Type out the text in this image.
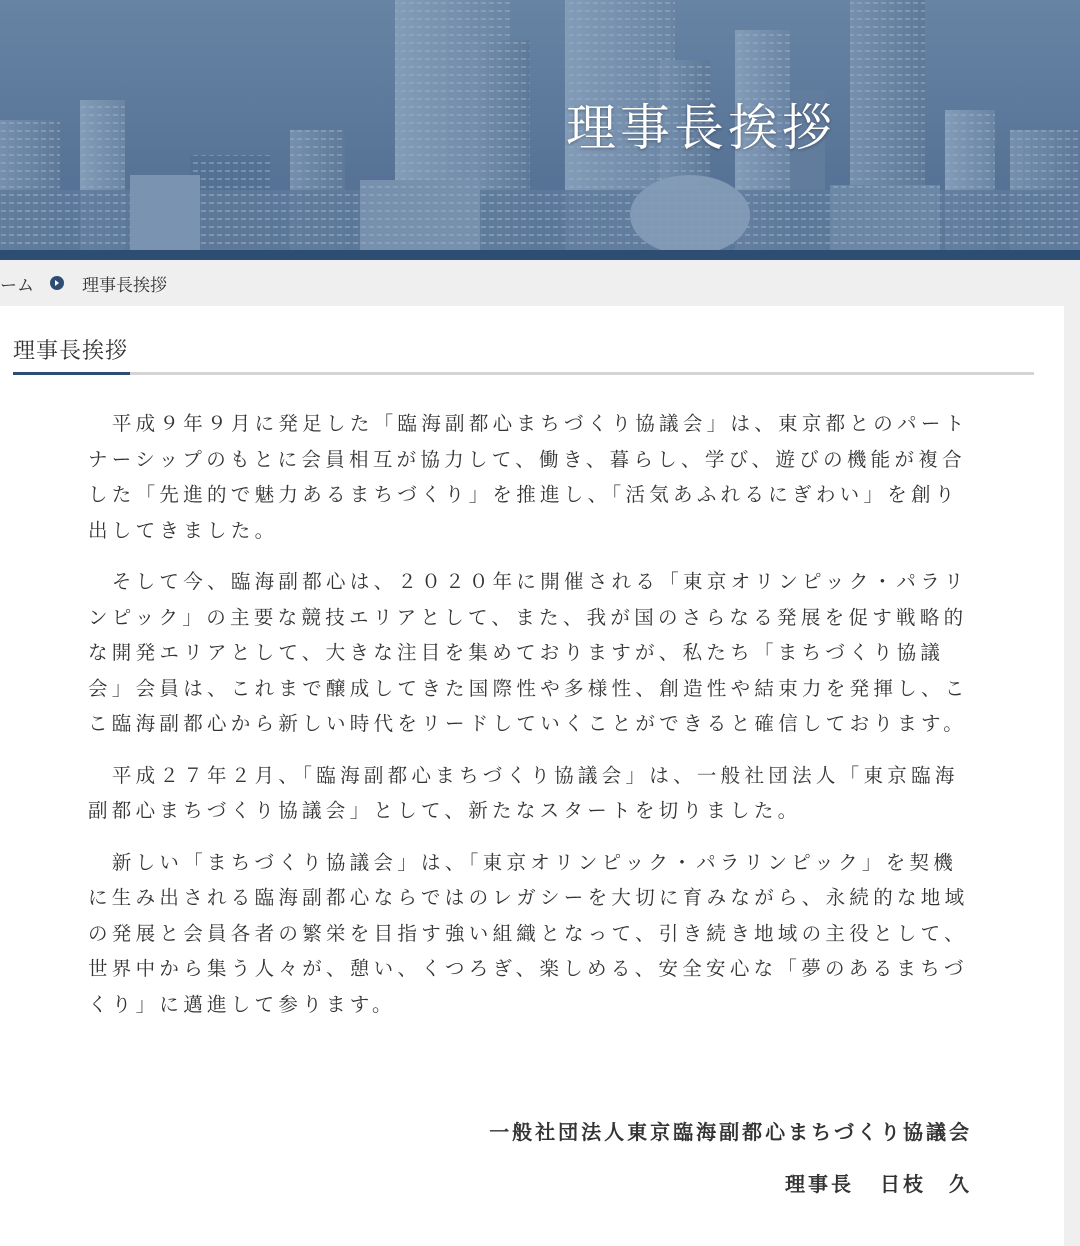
理事長挨拶
ーム	理事長挨拶
理事長挨拶

 平成９年９月に発足した「臨海副都心まちづくり協議会」は、東京都とのパートナーシップのもとに会員相互が協力して、働き、暮らし、学び、遊びの機能が複合した「先進的で魅力あるまちづくり」を推進し、「活気あふれるにぎわい」を創り出してきました。

 そして今、臨海副都心は、２０２０年に開催される「東京オリンピック・パラリンピック」の主要な競技エリアとして、また、我が国のさらなる発展を促す戦略的な開発エリアとして、大きな注目を集めておりますが、私たち「まちづくり協議会」会員は、これまで醸成してきた国際性や多様性、創造性や結束力を発揮し、ここ臨海副都心から新しい時代をリードしていくことができると確信しております。

 平成２７年２月、「臨海副都心まちづくり協議会」は、一般社団法人「東京臨海副都心まちづくり協議会」として、新たなスタートを切りました。

 新しい「まちづくり協議会」は、「東京オリンピック・パラリンピック」を契機に生み出される臨海副都心ならではのレガシーを大切に育みながら、永続的な地域の発展と会員各者の繁栄を目指す強い組織となって、引き続き地域の主役として、世界中から集う人々が、憩い、くつろぎ、楽しめる、安全安心な「夢のあるまちづくり」に邁進して参ります。

一般社団法人東京臨海副都心まちづくり協議会
理事長 日枝　久
